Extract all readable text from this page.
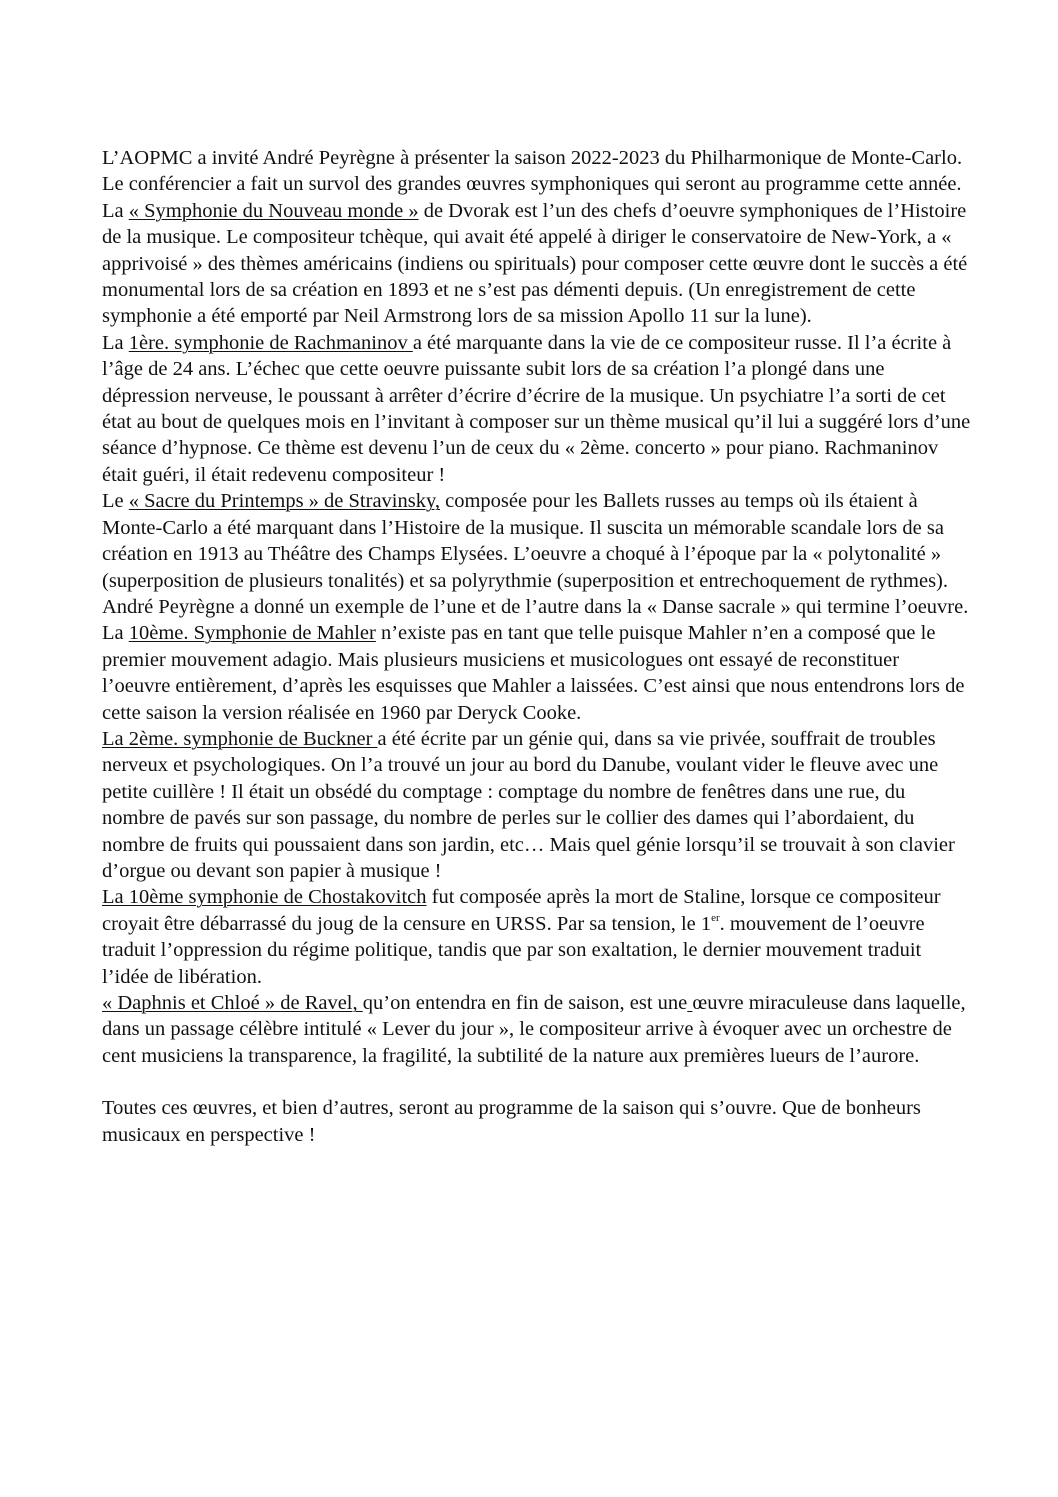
L’AOPMC a invité André Peyrègne à présenter la saison 2022-2023 du Philharmonique de Monte-Carlo.

Le conférencier a fait un survol des grandes œuvres symphoniques qui seront au programme cette année.

La « Symphonie du Nouveau monde » de Dvorak est l’un des chefs d’oeuvre symphoniques de l’Histoire de la musique. Le compositeur tchèque, qui avait été appelé à diriger le conservatoire de New-York, a « apprivoisé » des thèmes américains (indiens ou spirituals) pour composer cette œuvre dont le succès a été monumental lors de sa création en 1893 et ne s’est pas démenti depuis. (Un enregistrement de cette symphonie a été emporté par Neil Armstrong lors de sa mission Apollo 11 sur la lune).

La 1ère. symphonie de Rachmaninov a été marquante dans la vie de ce compositeur russe. Il l’a écrite à l’âge de 24 ans. L’échec que cette oeuvre puissante subit lors de sa création l’a plongé dans une dépression nerveuse, le poussant à arrêter d’écrire d’écrire de la musique. Un psychiatre l’a sorti de cet état au bout de quelques mois en l’invitant à composer sur un thème musical qu’il lui a suggéré lors d’une séance d’hypnose. Ce thème est devenu l’un de ceux du « 2ème. concerto » pour piano. Rachmaninov était guéri, il était redevenu compositeur !

Le « Sacre du Printemps » de Stravinsky, composée pour les Ballets russes au temps où ils étaient à Monte-Carlo a été marquant dans l’Histoire de la musique. Il suscita un mémorable scandale lors de sa création en 1913 au Théâtre des Champs Elysées. L’oeuvre a choqué à l’époque par la « polytonalité » (superposition de plusieurs tonalités) et sa polyrythmie (superposition et entrechoquement de rythmes). André Peyrègne a donné un exemple de l’une et de l’autre dans la « Danse sacrale » qui termine l’oeuvre.

La 10ème. Symphonie de Mahler n’existe pas en tant que telle puisque Mahler n’en a composé que le premier mouvement adagio. Mais plusieurs musiciens et musicologues ont essayé de reconstituer l’oeuvre entièrement, d’après les esquisses que Mahler a laissées. C’est ainsi que nous entendrons lors de cette saison la version réalisée en 1960 par Deryck Cooke.

La 2ème. symphonie de Buckner a été écrite par un génie qui, dans sa vie privée, souffrait de troubles nerveux et psychologiques. On l’a trouvé un jour au bord du Danube, voulant vider le fleuve avec une petite cuillère ! Il était un obsédé du comptage : comptage du nombre de fenêtres dans une rue, du nombre de pavés sur son passage, du nombre de perles sur le collier des dames qui l’abordaient, du nombre de fruits qui poussaient dans son jardin, etc… Mais quel génie lorsqu’il se trouvait à son clavier d’orgue ou devant son papier à musique !

La 10ème symphonie de Chostakovitch fut composée après la mort de Staline, lorsque ce compositeur croyait être débarrassé du joug de la censure en URSS. Par sa tension, le 1er. mouvement de l’oeuvre traduit l’oppression du régime politique, tandis que par son exaltation, le dernier mouvement traduit l’idée de libération.

« Daphnis et Chloé » de Ravel, qu’on entendra en fin de saison, est une œuvre miraculeuse dans laquelle, dans un passage célèbre intitulé « Lever du jour », le compositeur arrive à évoquer avec un orchestre de cent musiciens la transparence, la fragilité, la subtilité de la nature aux premières lueurs de l’aurore.

Toutes ces œuvres, et bien d’autres, seront au programme de la saison qui s’ouvre. Que de bonheurs musicaux en perspective !
